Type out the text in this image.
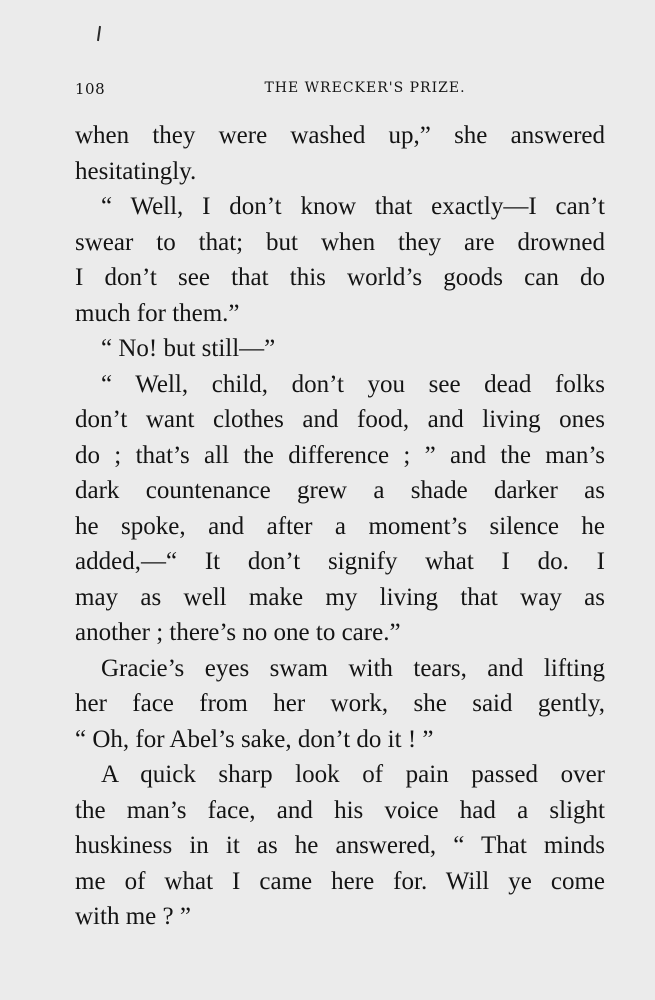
108	THE WRECKER'S PRIZE.
when they were washed up,” she answered
hesitatingly.
“ Well, I don’t know that exactly—I can’t
swear to that; but when they are drowned
I don’t see that this world’s goods can do
much for them.”
“ No! but still—”
“ Well, child, don’t you see dead folks
don’t want clothes and food, and living ones
do ; that’s all the difference ; ” and the man’s
dark countenance grew a shade darker as
he spoke, and after a moment’s silence he
added,—“ It don’t signify what I do. I
may as well make my living that way as
another ; there’s no one to care.”
Gracie’s eyes swam with tears, and lifting
her face from her work, she said gently,
“ Oh, for Abel’s sake, don’t do it ! ”
A quick sharp look of pain passed over
the man’s face, and his voice had a slight
huskiness in it as he answered, “ That minds
me of what I came here for. Will ye come
with me ? ”
